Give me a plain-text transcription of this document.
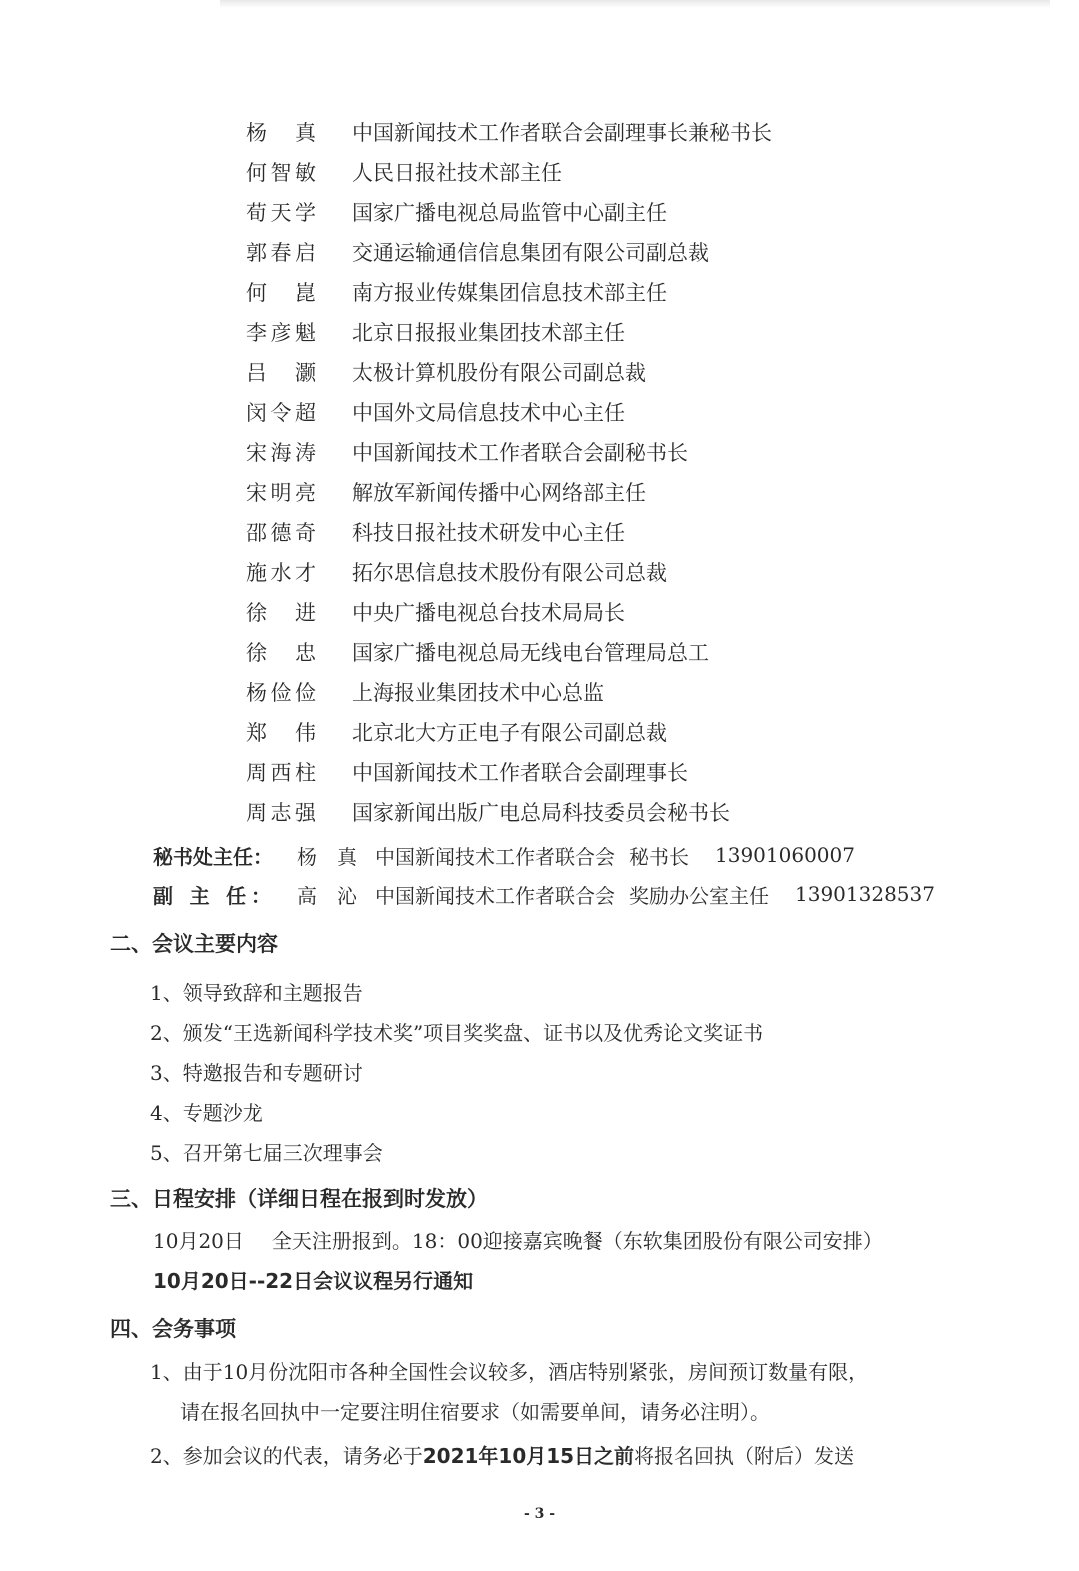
杨　真 中国新闻技术工作者联合会副理事长兼秘书长
何智敏 人民日报社技术部主任
荀天学 国家广播电视总局监管中心副主任
郭春启 交通运输通信信息集团有限公司副总裁
何　崑 南方报业传媒集团信息技术部主任
李彦魁 北京日报报业集团技术部主任
吕　灏 太极计算机股份有限公司副总裁
闵令超 中国外文局信息技术中心主任
宋海涛 中国新闻技术工作者联合会副秘书长
宋明亮 解放军新闻传播中心网络部主任
邵德奇 科技日报社技术研发中心主任
施水才 拓尔思信息技术股份有限公司总裁
徐　进 中央广播电视总台技术局局长
徐　忠 国家广播电视总局无线电台管理局总工
杨俭俭 上海报业集团技术中心总监
郑　伟 北京北大方正电子有限公司副总裁
周西柱 中国新闻技术工作者联合会副理事长
周志强 国家新闻出版广电总局科技委员会秘书长
秘书处主任： 杨　真 中国新闻技术工作者联合会 秘书长 13901060007
副 主 任： 高　沁 中国新闻技术工作者联合会 奖励办公室主任 13901328537
二、会议主要内容
1、领导致辞和主题报告
2、颁发“王选新闻科学技术奖”项目奖奖盘、证书以及优秀论文奖证书
3、特邀报告和专题研讨
4、专题沙龙
5、召开第七届三次理事会
三、日程安排（详细日程在报到时发放）
10月20日 全天注册报到。18：00迎接嘉宾晚餐（东软集团股份有限公司安排）
10月20日--22日会议议程另行通知
四、会务事项
1、由于10月份沈阳市各种全国性会议较多，酒店特别紧张，房间预订数量有限，
请在报名回执中一定要注明住宿要求（如需要单间，请务必注明）。
2、参加会议的代表，请务必于2021年10月15日之前将报名回执（附后）发送
- 3 -
